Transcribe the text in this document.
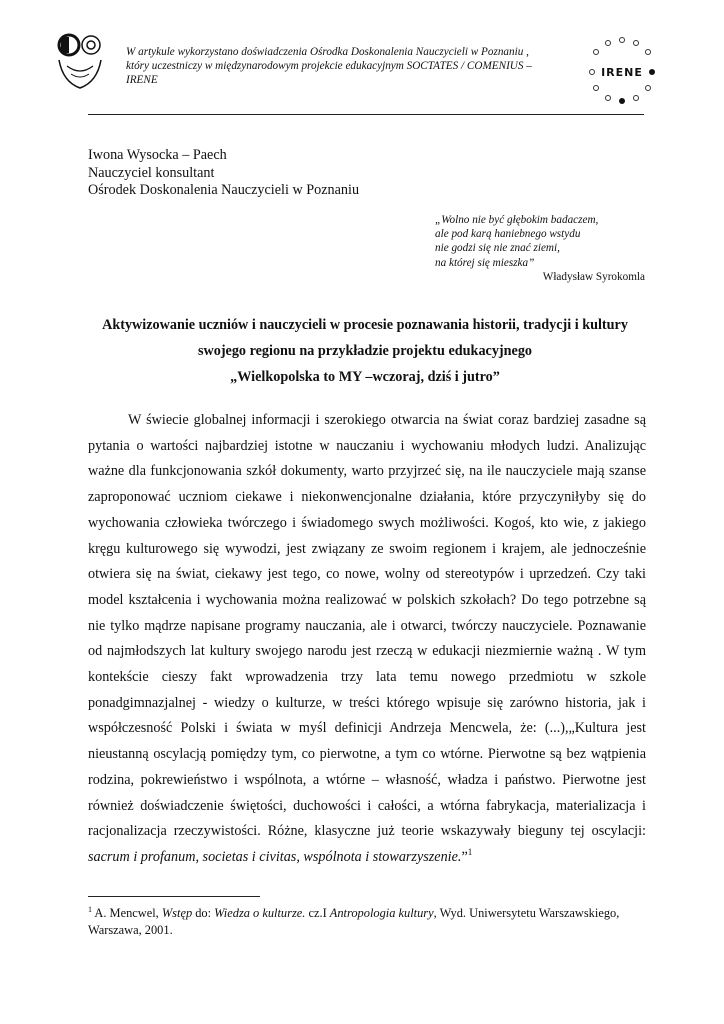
W artykule wykorzystano doświadczenia Ośrodka Doskonalenia Nauczycieli w Poznaniu ,
który uczestniczy w międzynarodowym projekcie edukacyjnym SOCTATES / COMENIUS –
IRENE
IRENE
Iwona Wysocka – Paech
Nauczyciel konsultant
Ośrodek Doskonalenia Nauczycieli w Poznaniu
„Wolno nie być głębokim badaczem,
ale pod karą haniebnego wstydu
nie godzi się nie znać ziemi,
na której się mieszka”
Władysław Syrokomla
Aktywizowanie uczniów i nauczycieli w procesie poznawania historii, tradycji i kultury
swojego regionu na przykładzie projektu edukacyjnego
„Wielkopolska to MY –wczoraj, dziś i jutro”
W świecie globalnej informacji i szerokiego otwarcia na świat coraz bardziej zasadne są pytania o wartości najbardziej istotne w nauczaniu i wychowaniu młodych ludzi. Analizując ważne dla funkcjonowania szkół dokumenty, warto przyjrzeć się, na ile nauczyciele mają szanse zaproponować uczniom ciekawe i niekonwencjonalne działania, które przyczyniłyby się do wychowania człowieka twórczego i świadomego swych możliwości. Kogoś, kto wie, z jakiego kręgu kulturowego się wywodzi, jest związany ze swoim regionem i krajem, ale jednocześnie otwiera się na świat, ciekawy jest tego, co nowe, wolny od stereotypów i uprzedzeń. Czy taki model kształcenia i wychowania można realizować w polskich szkołach? Do tego potrzebne są nie tylko mądrze napisane programy nauczania, ale i otwarci, twórczy nauczyciele. Poznawanie od najmłodszych lat kultury swojego narodu jest rzeczą w edukacji niezmiernie ważną . W tym kontekście cieszy fakt wprowadzenia trzy lata temu nowego przedmiotu w szkole ponadgimnazjalnej - wiedzy o kulturze, w treści którego wpisuje się zarówno historia, jak i współczesność Polski i świata w myśl definicji Andrzeja Mencwela, że: (...),„Kultura jest nieustanną oscylacją pomiędzy tym, co pierwotne, a tym co wtórne. Pierwotne są bez wątpienia rodzina, pokrewieństwo i wspólnota, a wtórne – własność, władza i państwo. Pierwotne jest również doświadczenie świętości, duchowości i całości, a wtórna fabrykacja, materializacja i racjonalizacja rzeczywistości. Różne, klasyczne już teorie wskazywały bieguny tej oscylacji: sacrum i profanum, societas i civitas, wspólnota i stowarzyszenie.”$^1$
$^1$ A. Mencwel, Wstęp do: Wiedza o kulturze. cz.I Antropologia kultury, Wyd. Uniwersytetu Warszawskiego, Warszawa, 2001.
